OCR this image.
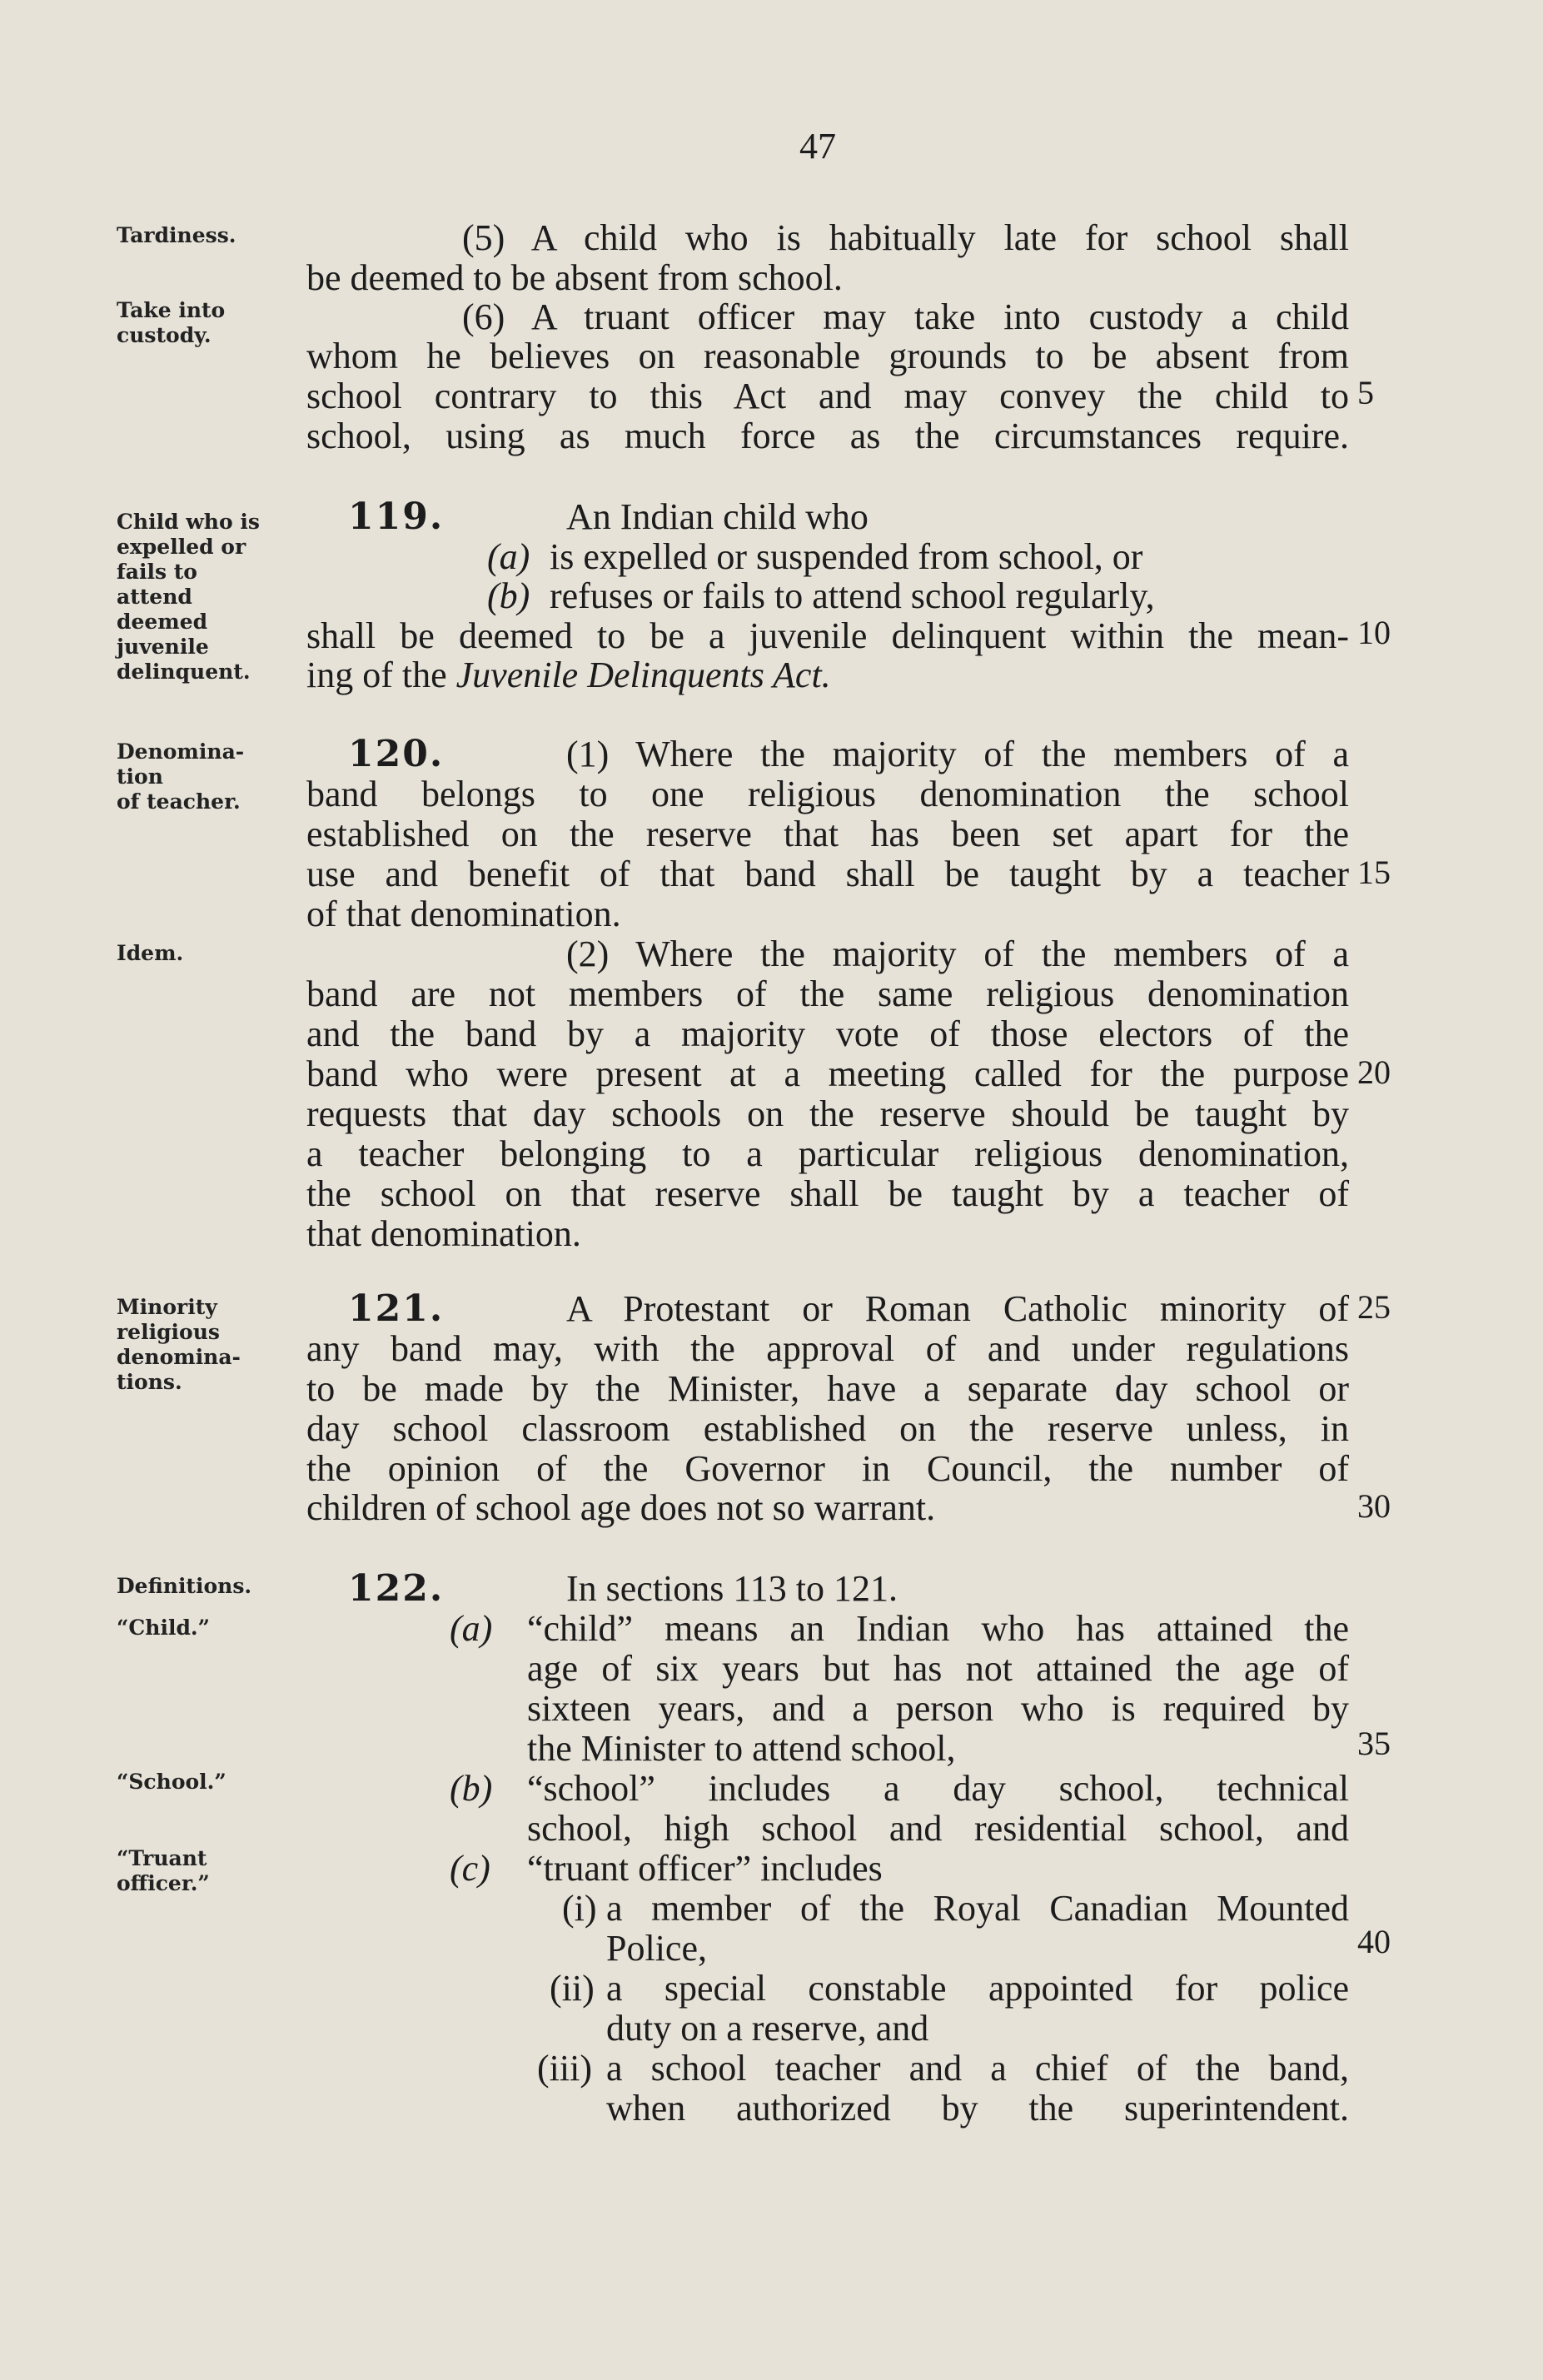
47
Tardiness.
Take into
custody.
Child who is
expelled or
fails to
attend
deemed
juvenile
delinquent.
Denomina-
tion
of teacher.
Idem.
Minority
religious
denomina-
tions.
Definitions.
“Child.”
“School.”
“Truant
officer.”
5
10
15
20
25
30
35
40
(5) A child who is habitually late for school shall
be deemed to be absent from school.
(6) A truant officer may take into custody a child
whom he believes on reasonable grounds to be absent from
school contrary to this Act and may convey the child to
school, using as much force as the circumstances require.
119.	An Indian child who
(a) is expelled or suspended from school, or
(b) refuses or fails to attend school regularly,
shall be deemed to be a juvenile delinquent within the mean-
ing of the Juvenile Delinquents Act.
120.	(1) Where the majority of the members of a
band belongs to one religious denomination the school
established on the reserve that has been set apart for the
use and benefit of that band shall be taught by a teacher
of that denomination.
(2) Where the majority of the members of a
band are not members of the same religious denomination
and the band by a majority vote of those electors of the
band who were present at a meeting called for the purpose
requests that day schools on the reserve should be taught by
a teacher belonging to a particular religious denomination,
the school on that reserve shall be taught by a teacher of
that denomination.
121.	A Protestant or Roman Catholic minority of
any band may, with the approval of and under regulations
to be made by the Minister, have a separate day school or
day school classroom established on the reserve unless, in
the opinion of the Governor in Council, the number of
children of school age does not so warrant.
122.	In sections 113 to 121.
(a) “child” means an Indian who has attained the
age of six years but has not attained the age of
sixteen years, and a person who is required by
the Minister to attend school,
(b) “school” includes a day school, technical
school, high school and residential school, and
(c) “truant officer” includes
(i) a member of the Royal Canadian Mounted
Police,
(ii) a special constable appointed for police
duty on a reserve, and
(iii) a school teacher and a chief of the band,
when authorized by the superintendent.
